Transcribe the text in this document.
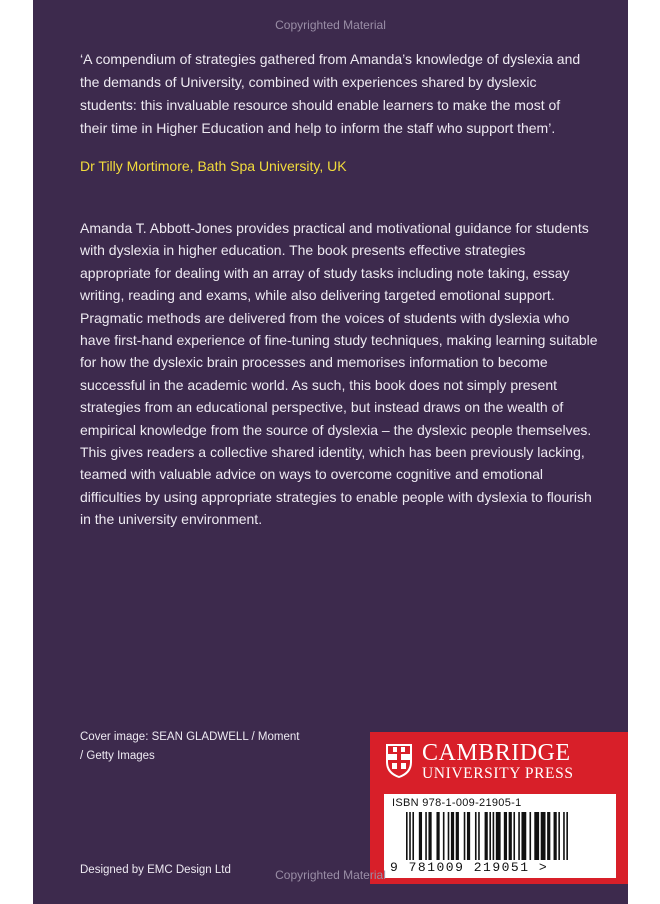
Copyrighted Material
‘A compendium of strategies gathered from Amanda’s knowledge of dyslexia and the demands of University, combined with experiences shared by dyslexic students: this invaluable resource should enable learners to make the most of their time in Higher Education and help to inform the staff who support them’.
Dr Tilly Mortimore, Bath Spa University, UK
Amanda T. Abbott-Jones provides practical and motivational guidance for students with dyslexia in higher education. The book presents effective strategies appropriate for dealing with an array of study tasks including note taking, essay writing, reading and exams, while also delivering targeted emotional support. Pragmatic methods are delivered from the voices of students with dyslexia who have first-hand experience of fine-tuning study techniques, making learning suitable for how the dyslexic brain processes and memorises information to become successful in the academic world. As such, this book does not simply present strategies from an educational perspective, but instead draws on the wealth of empirical knowledge from the source of dyslexia – the dyslexic people themselves. This gives readers a collective shared identity, which has been previously lacking, teamed with valuable advice on ways to overcome cognitive and emotional difficulties by using appropriate strategies to enable people with dyslexia to flourish in the university environment.
Cover image: SEAN GLADWELL / Moment / Getty Images
Designed by EMC Design Ltd
CAMBRIDGE
UNIVERSITY PRESS
ISBN 978-1-009-21905-1
9 781009 219051 >
Copyrighted Material
